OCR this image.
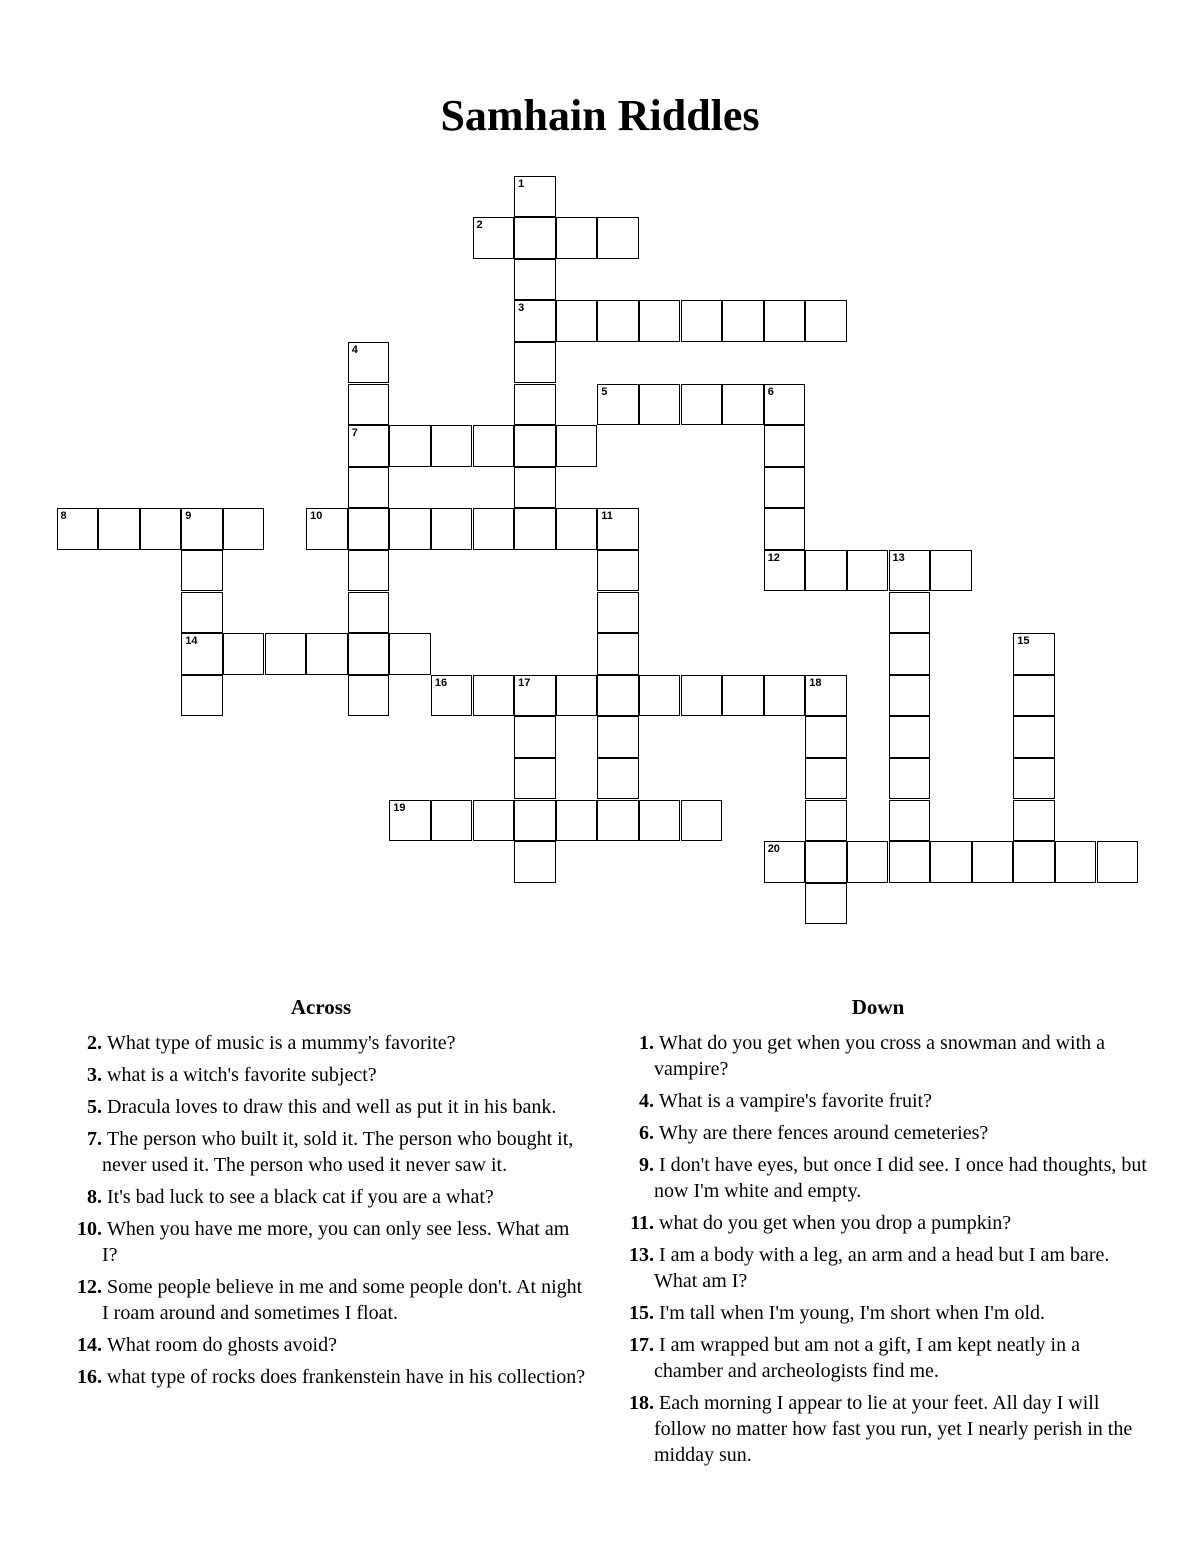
Samhain Riddles
1
3
2
4
7
5	6
12
8	9
14
10	11
13
15
16	17	18
19
20
Across
2. What type of music is a mummy's favorite?
3. what is a witch's favorite subject?
5. Dracula loves to draw this and well as put it in his bank.
7. The person who built it, sold it. The person who bought it, never used it. The person who used it never saw it.
8. It's bad luck to see a black cat if you are a what?
10. When you have me more, you can only see less. What am I?
12. Some people believe in me and some people don't. At night I roam around and sometimes I float.
14. What room do ghosts avoid?
16. what type of rocks does frankenstein have in his collection?
Down
1. What do you get when you cross a snowman and with a vampire?
4. What is a vampire's favorite fruit?
6. Why are there fences around cemeteries?
9. I don't have eyes, but once I did see. I once had thoughts, but now I'm white and empty.
11. what do you get when you drop a pumpkin?
13. I am a body with a leg, an arm and a head but I am bare. What am I?
15. I'm tall when I'm young, I'm short when I'm old.
17. I am wrapped but am not a gift, I am kept neatly in a chamber and archeologists find me.
18. Each morning I appear to lie at your feet. All day I will follow no matter how fast you run, yet I nearly perish in the midday sun.
